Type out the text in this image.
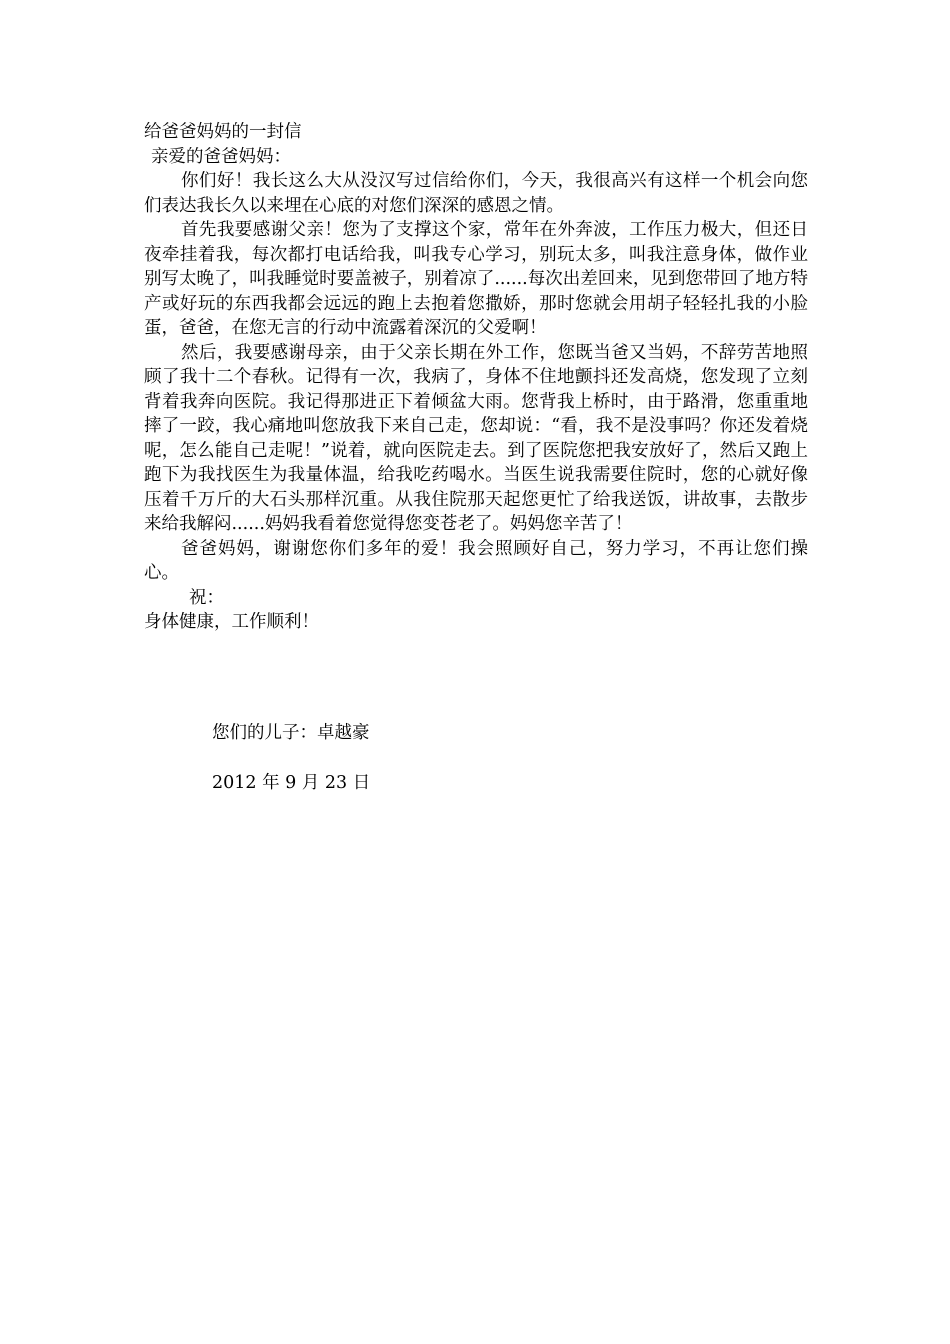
给爸爸妈妈的一封信

亲爱的爸爸妈妈：

你们好！我长这么大从没汉写过信给你们，今天，我很高兴有这样一个机会向您们表达我长久以来埋在心底的对您们深深的感恩之情。

首先我要感谢父亲！您为了支撑这个家，常年在外奔波，工作压力极大，但还日夜牵挂着我，每次都打电话给我，叫我专心学习，别玩太多，叫我注意身体，做作业别写太晚了，叫我睡觉时要盖被子，别着凉了......每次出差回来，见到您带回了地方特产或好玩的东西我都会远远的跑上去抱着您撒娇，那时您就会用胡子轻轻扎我的小脸蛋，爸爸，在您无言的行动中流露着深沉的父爱啊！

然后，我要感谢母亲，由于父亲长期在外工作，您既当爸又当妈，不辞劳苦地照顾了我十二个春秋。记得有一次，我病了，身体不住地颤抖还发高烧，您发现了立刻背着我奔向医院。我记得那进正下着倾盆大雨。您背我上桥时，由于路滑，您重重地摔了一跤，我心痛地叫您放我下来自己走，您却说：“看，我不是没事吗？你还发着烧呢，怎么能自己走呢！”说着，就向医院走去。到了医院您把我安放好了，然后又跑上跑下为我找医生为我量体温，给我吃药喝水。当医生说我需要住院时，您的心就好像压着千万斤的大石头那样沉重。从我住院那天起您更忙了给我送饭，讲故事，去散步来给我解闷......妈妈我看着您觉得您变苍老了。妈妈您辛苦了！

爸爸妈妈，谢谢您你们多年的爱！我会照顾好自己，努力学习，不再让您们操心。

祝：

身体健康，工作顺利！

您们的儿子：卓越豪
2012 年 9 月 23 日
